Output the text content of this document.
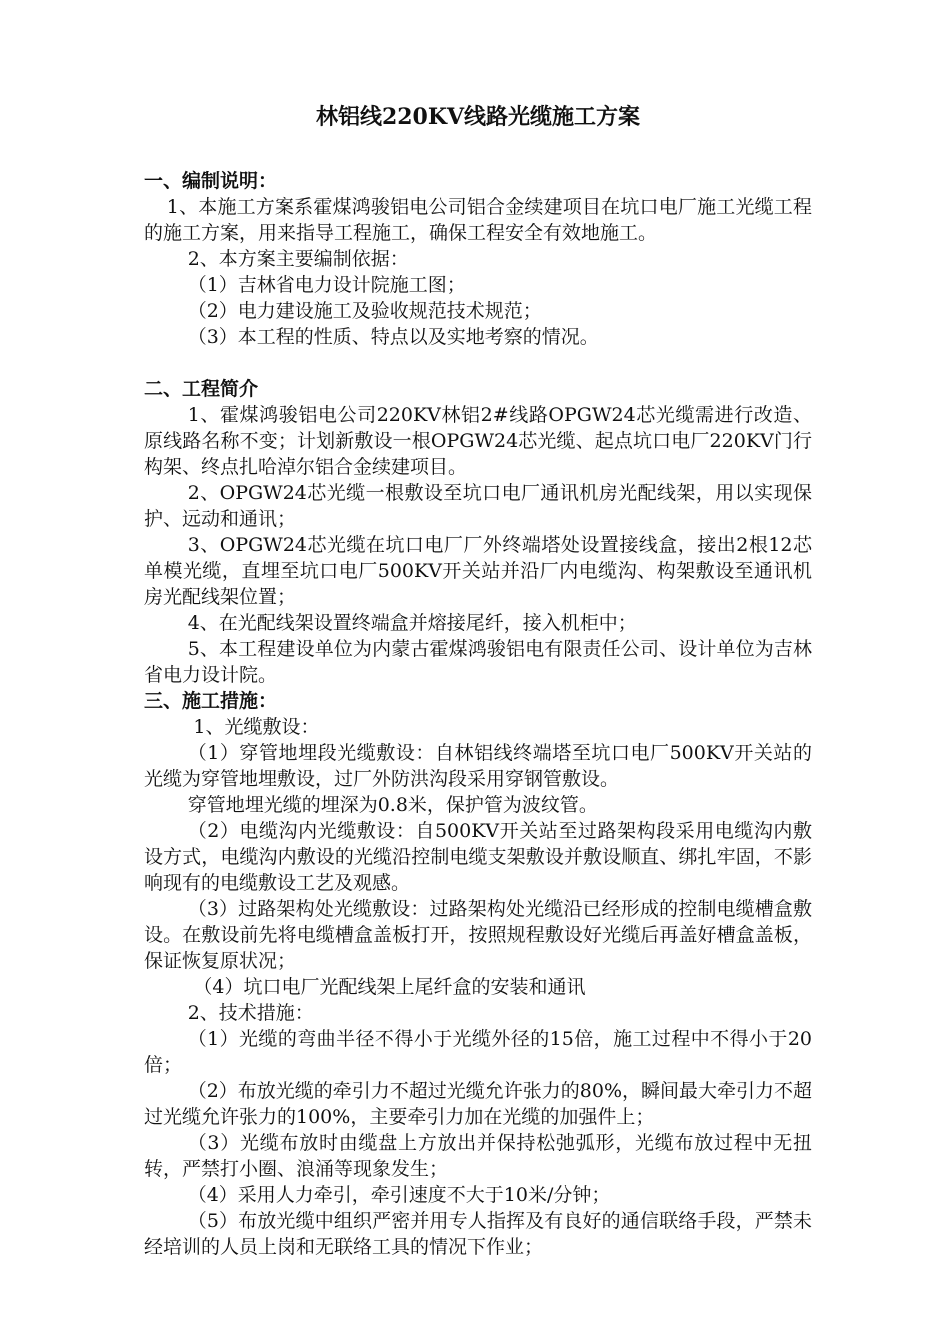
林铝线220KV线路光缆施工方案
一、编制说明：

1、本施工方案系霍煤鸿骏铝电公司铝合金续建项目在坑口电厂施工光缆工程的施工方案，用来指导工程施工，确保工程安全有效地施工。

2、本方案主要编制依据：

（1）吉林省电力设计院施工图；

（2）电力建设施工及验收规范技术规范；

（3）本工程的性质、特点以及实地考察的情况。

二、工程简介

1、霍煤鸿骏铝电公司220KV林铝2#线路OPGW24芯光缆需进行改造、原线路名称不变；计划新敷设一根OPGW24芯光缆、起点坑口电厂220KV门行构架、终点扎哈淖尔铝合金续建项目。

2、OPGW24芯光缆一根敷设至坑口电厂通讯机房光配线架，用以实现保护、远动和通讯；

3、OPGW24芯光缆在坑口电厂厂外终端塔处设置接线盒，接出2根12芯单模光缆，直埋至坑口电厂500KV开关站并沿厂内电缆沟、构架敷设至通讯机房光配线架位置；

4、在光配线架设置终端盒并熔接尾纤，接入机柜中；

5、本工程建设单位为内蒙古霍煤鸿骏铝电有限责任公司、设计单位为吉林省电力设计院。

三、施工措施：

1、光缆敷设：

（1）穿管地埋段光缆敷设：自林铝线终端塔至坑口电厂500KV开关站的光缆为穿管地埋敷设，过厂外防洪沟段采用穿钢管敷设。

穿管地埋光缆的埋深为0.8米，保护管为波纹管。

（2）电缆沟内光缆敷设：自500KV开关站至过路架构段采用电缆沟内敷设方式，电缆沟内敷设的光缆沿控制电缆支架敷设并敷设顺直、绑扎牢固，不影响现有的电缆敷设工艺及观感。

（3）过路架构处光缆敷设：过路架构处光缆沿已经形成的控制电缆槽盒敷设。在敷设前先将电缆槽盒盖板打开，按照规程敷设好光缆后再盖好槽盒盖板，保证恢复原状况；

（4）坑口电厂光配线架上尾纤盒的安装和通讯

2、技术措施：

（1）光缆的弯曲半径不得小于光缆外径的15倍，施工过程中不得小于20倍；

（2）布放光缆的牵引力不超过光缆允许张力的80%，瞬间最大牵引力不超过光缆允许张力的100%，主要牵引力加在光缆的加强件上；

（3）光缆布放时由缆盘上方放出并保持松弛弧形，光缆布放过程中无扭转，严禁打小圈、浪涌等现象发生；

（4）采用人力牵引，牵引速度不大于10米/分钟；

（5）布放光缆中组织严密并用专人指挥及有良好的通信联络手段，严禁未经培训的人员上岗和无联络工具的情况下作业；
